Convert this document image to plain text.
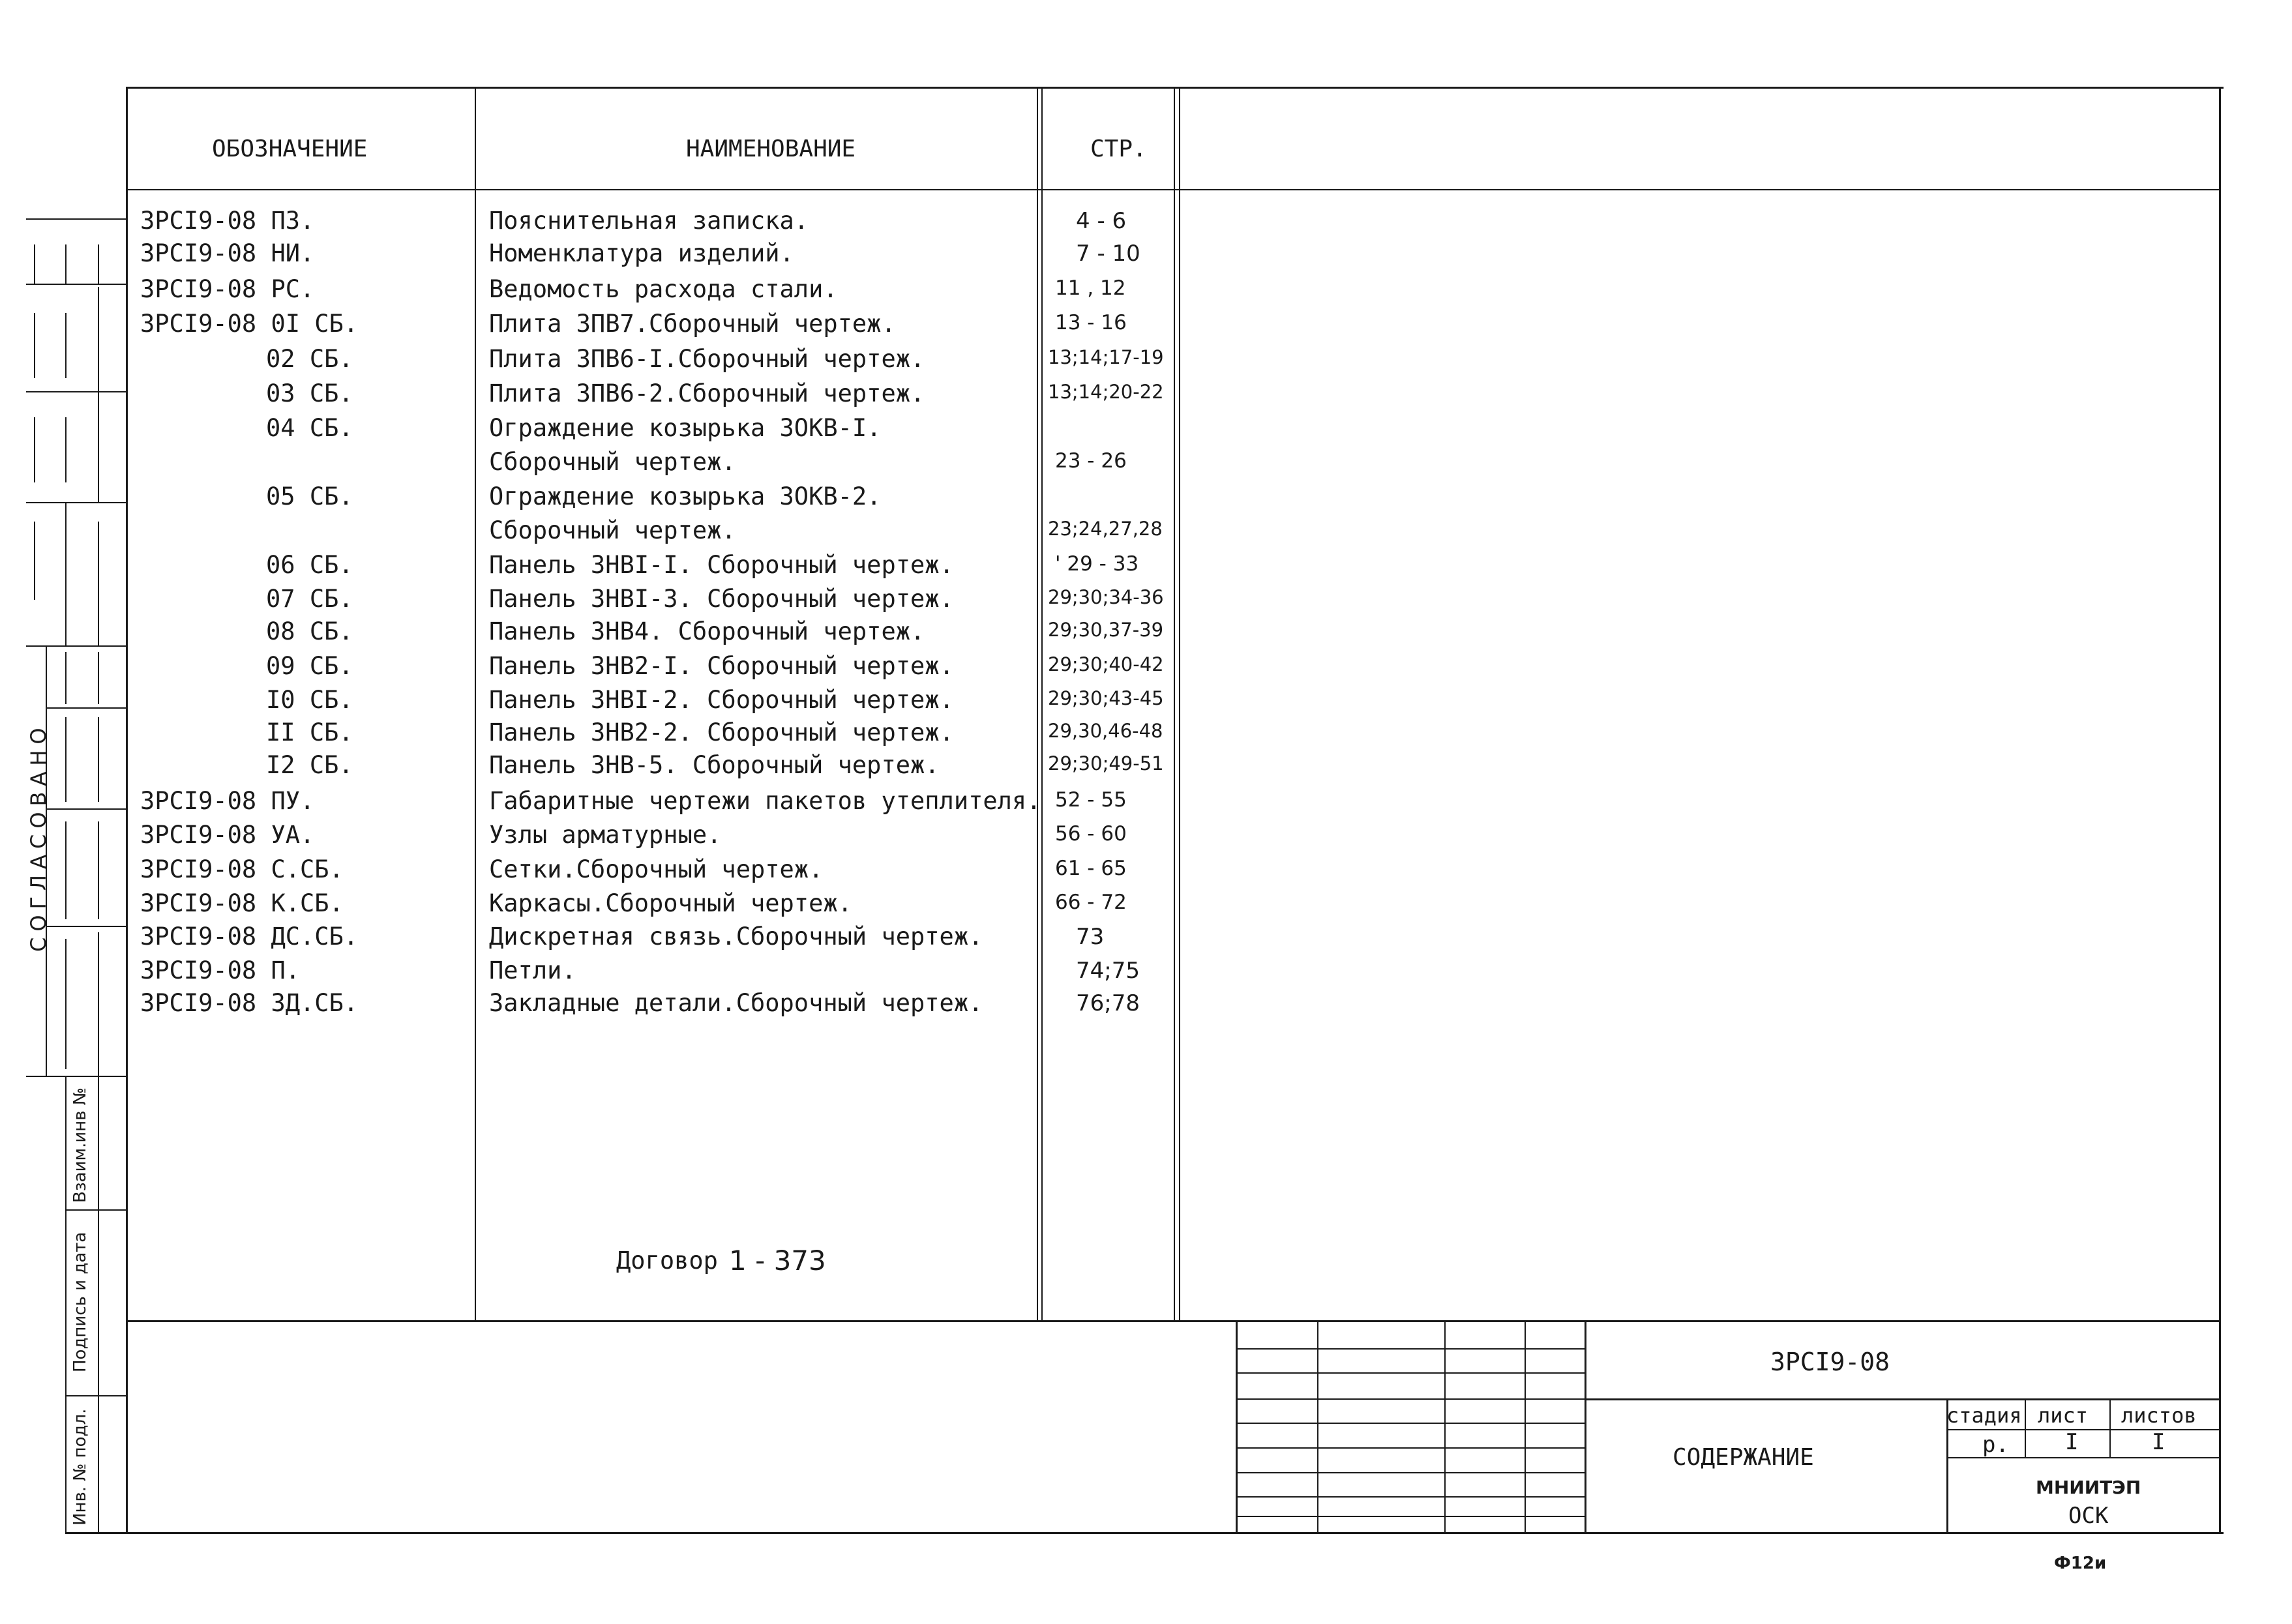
СОГЛАСОВАНО
Взаим.инв №
Подпись и дата
Инв. № подл.
ОБОЗНАЧЕНИЕ	НАИМЕНОВАНИЕ	СТР.
3РСI9-08 ПЗ.	Пояснительная записка.	4 - 6
3РСI9-08 НИ.	Номенклатура изделий.	7 - 10
3РСI9-08 РС.	Ведомость расхода стали.	11 , 12
3РСI9-08 0I СБ.	Плита 3ПВ7.Сборочный чертеж.	13 - 16
02 СБ.	Плита 3ПВ6-I.Сборочный чертеж.	13;14;17-19
03 СБ.	Плита 3ПВ6-2.Сборочный чертеж.	13;14;20-22
04 СБ.	Ограждение козырька 3ОКВ-I.
Сборочный чертеж.	23 - 26
05 СБ.	Ограждение козырька 3ОКВ-2.
Сборочный чертеж.	23;24,27,28
06 СБ.	Панель 3НВI-I. Сборочный чертеж.	' 29 - 33
07 СБ.	Панель 3НВI-3. Сборочный чертеж.	29;30;34-36
08 СБ.	Панель 3НВ4. Сборочный чертеж.	29;30,37-39
09 СБ.	Панель 3НВ2-I. Сборочный чертеж.	29;30;40-42
I0 СБ.	Панель 3НВI-2. Сборочный чертеж.	29;30;43-45
II СБ.	Панель 3НВ2-2. Сборочный чертеж.	29,30,46-48
I2 СБ.	Панель 3НВ-5. Сборочный чертеж.	29;30;49-51
3РСI9-08 ПУ.	Габаритные чертежи пакетов утеплителя. 52 - 55
3РСI9-08 УА.	Узлы арматурные.	56 - 60
3РСI9-08 С.СБ.	Сетки.Сборочный чертеж.	61 - 65
3РСI9-08 К.СБ.	Каркасы.Сборочный чертеж.	66 - 72
3РСI9-08 ДС.СБ.	Дискретная связь.Сборочный чертеж.	73
3РСI9-08 П.	Петли.	74;75
3РСI9-08 ЗД.СБ.	Закладные детали.Сборочный чертеж.	76;78
Договор 1 - 373
3РСI9-08
СОДЕРЖАНИЕ
стадия лист листов
р.	I	I
МНИИТЭП
ОСК
Ф12и
